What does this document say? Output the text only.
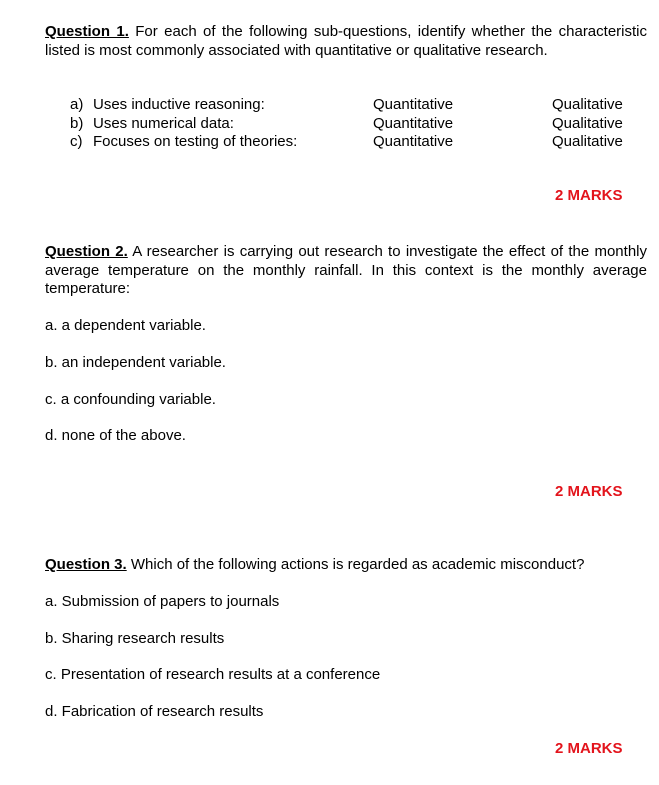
Question 1. For each of the following sub-questions, identify whether the characteristic listed is most commonly associated with quantitative or qualitative research.
a) Uses inductive reasoning:	Quantitative	Qualitative
b) Uses numerical data:	Quantitative	Qualitative
c) Focuses on testing of theories:	Quantitative	Qualitative
2 MARKS
Question 2. A researcher is carrying out research to investigate the effect of the monthly average temperature on the monthly rainfall. In this context is the monthly average temperature:
a. a dependent variable.
b. an independent variable.
c. a confounding variable.
d. none of the above.
2 MARKS
Question 3. Which of the following actions is regarded as academic misconduct?
a. Submission of papers to journals
b. Sharing research results
c. Presentation of research results at a conference
d. Fabrication of research results
2 MARKS
